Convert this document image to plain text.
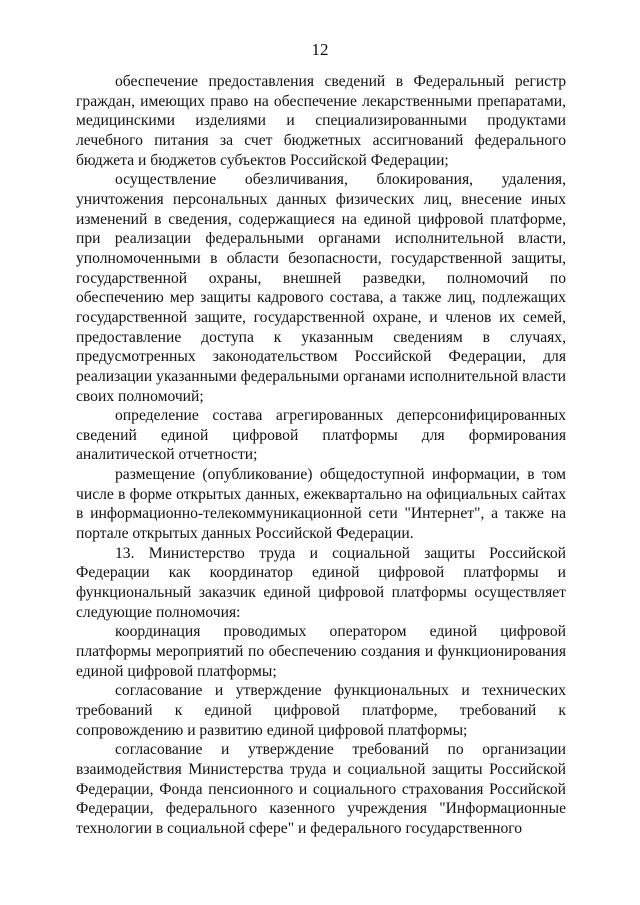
12

обеспечение предоставления сведений в Федеральный регистр граждан, имеющих право на обеспечение лекарственными препаратами, медицинскими изделиями и специализированными продуктами лечебного питания за счет бюджетных ассигнований федерального бюджета и бюджетов субъектов Российской Федерации;

осуществление обезличивания, блокирования, удаления, уничтожения персональных данных физических лиц, внесение иных изменений в сведения, содержащиеся на единой цифровой платформе, при реализации федеральными органами исполнительной власти, уполномоченными в области безопасности, государственной защиты, государственной охраны, внешней разведки, полномочий по обеспечению мер защиты кадрового состава, а также лиц, подлежащих государственной защите, государственной охране, и членов их семей, предоставление доступа к указанным сведениям в случаях, предусмотренных законодательством Российской Федерации, для реализации указанными федеральными органами исполнительной власти своих полномочий;

определение состава агрегированных деперсонифицированных сведений единой цифровой платформы для формирования аналитической отчетности;

размещение (опубликование) общедоступной информации, в том числе в форме открытых данных, ежеквартально на официальных сайтах в информационно-телекоммуникационной сети "Интернет", а также на портале открытых данных Российской Федерации.

13. Министерство труда и социальной защиты Российской Федерации как координатор единой цифровой платформы и функциональный заказчик единой цифровой платформы осуществляет следующие полномочия:

координация проводимых оператором единой цифровой платформы мероприятий по обеспечению создания и функционирования единой цифровой платформы;

согласование и утверждение функциональных и технических требований к единой цифровой платформе, требований к сопровождению и развитию единой цифровой платформы;

согласование и утверждение требований по организации взаимодействия Министерства труда и социальной защиты Российской Федерации, Фонда пенсионного и социального страхования Российской Федерации, федерального казенного учреждения "Информационные технологии в социальной сфере" и федерального государственного
